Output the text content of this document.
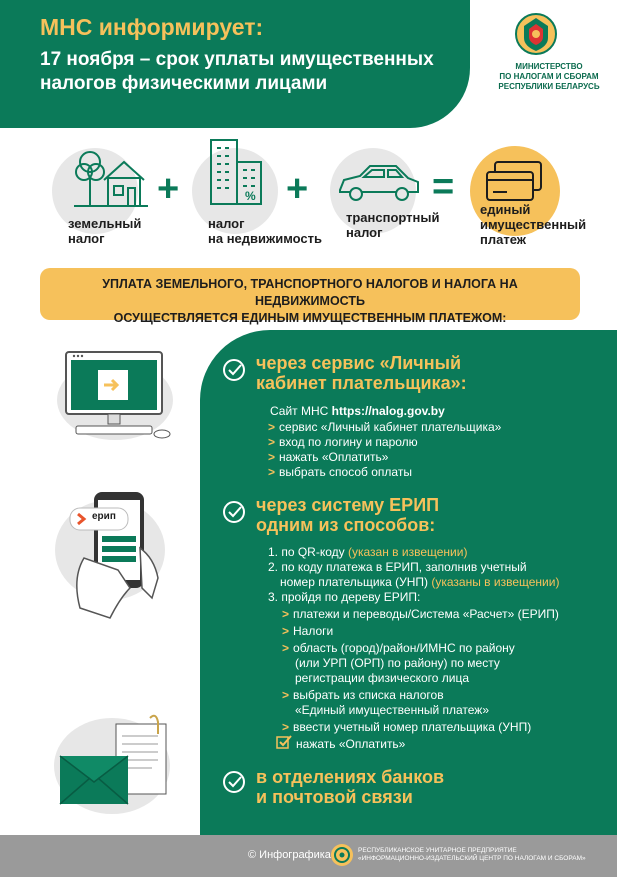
МНС информирует:
17 ноября – срок уплаты имущественных налогов физическими лицами
МИНИСТЕРСТВО
ПО НАЛОГАМ И СБОРАМ
РЕСПУБЛИКИ БЕЛАРУСЬ
земельный
налог
+	%
налог
на недвижимость
+
транспортный
налог
=
единый
имущественный
платеж
УПЛАТА ЗЕМЕЛЬНОГО, ТРАНСПОРТНОГО НАЛОГОВ И НАЛОГА НА НЕДВИЖИМОСТЬ
ОСУЩЕСТВЛЯЕТСЯ ЕДИНЫМ ИМУЩЕСТВЕННЫМ ПЛАТЕЖОМ:
ерип
через сервис «Личный
кабинет плательщика»:
Сайт МНС https://nalog.gov.by
> сервис «Личный кабинет плательщика»
> вход по логину и паролю
> нажать «Оплатить»
> выбрать способ оплаты
через систему ЕРИП
одним из способов:
1. по QR-коду (указан в извещении)
2. по коду платежа в ЕРИП, заполнив учетный
номер плательщика (УНП) (указаны в извещении)
3. пройдя по дереву ЕРИП:
> платежи и переводы/Система «Расчет» (ЕРИП)
> Налоги
> область (город)/район/ИМНС по району
(или УРП (ОРП) по району) по месту
регистрации физического лица
> выбрать из списка налогов
«Единый имущественный платеж»
> ввести учетный номер плательщика (УНП)
нажать «Оплатить»
в отделениях банков
и почтовой связи
© Инфографика	РЕСПУБЛИКАНСКОЕ УНИТАРНОЕ ПРЕДПРИЯТИЕ
«ИНФОРМАЦИОННО-ИЗДАТЕЛЬСКИЙ ЦЕНТР ПО НАЛОГАМ И СБОРАМ»
